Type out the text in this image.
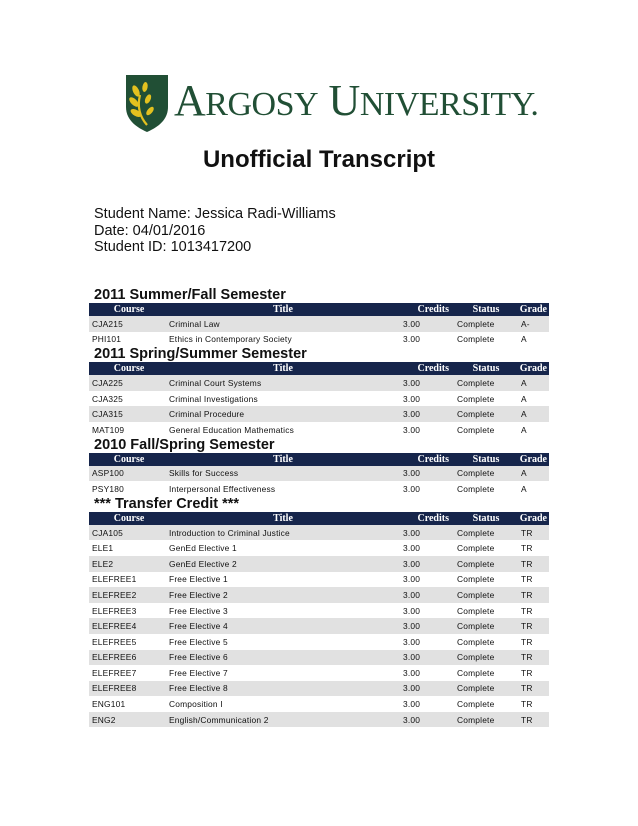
ARGOSY UNIVERSITY.
Unofficial Transcript
Student Name: Jessica Radi-Williams
Date: 04/01/2016
Student ID: 1013417200
2011 Summer/Fall Semester
Course	Title	Credits	Status	Grade
CJA215	Criminal Law	3.00	Complete	A-
PHI101	Ethics in Contemporary Society	3.00	Complete	A
2011 Spring/Summer Semester
Course	Title	Credits	Status	Grade
CJA225	Criminal Court Systems	3.00	Complete	A
CJA325	Criminal Investigations	3.00	Complete	A
CJA315	Criminal Procedure	3.00	Complete	A
MAT109	General Education Mathematics	3.00	Complete	A
2010 Fall/Spring Semester
Course	Title	Credits	Status	Grade
ASP100	Skills for Success	3.00	Complete	A
PSY180	Interpersonal Effectiveness	3.00	Complete	A
*** Transfer Credit ***
Course	Title	Credits	Status	Grade
CJA105	Introduction to Criminal Justice	3.00	Complete	TR
ELE1	GenEd Elective 1	3.00	Complete	TR
ELE2	GenEd Elective 2	3.00	Complete	TR
ELEFREE1	Free Elective 1	3.00	Complete	TR
ELEFREE2	Free Elective 2	3.00	Complete	TR
ELEFREE3	Free Elective 3	3.00	Complete	TR
ELEFREE4	Free Elective 4	3.00	Complete	TR
ELEFREE5	Free Elective 5	3.00	Complete	TR
ELEFREE6	Free Elective 6	3.00	Complete	TR
ELEFREE7	Free Elective 7	3.00	Complete	TR
ELEFREE8	Free Elective 8	3.00	Complete	TR
ENG101	Composition I	3.00	Complete	TR
ENG2	English/Communication 2	3.00	Complete	TR
